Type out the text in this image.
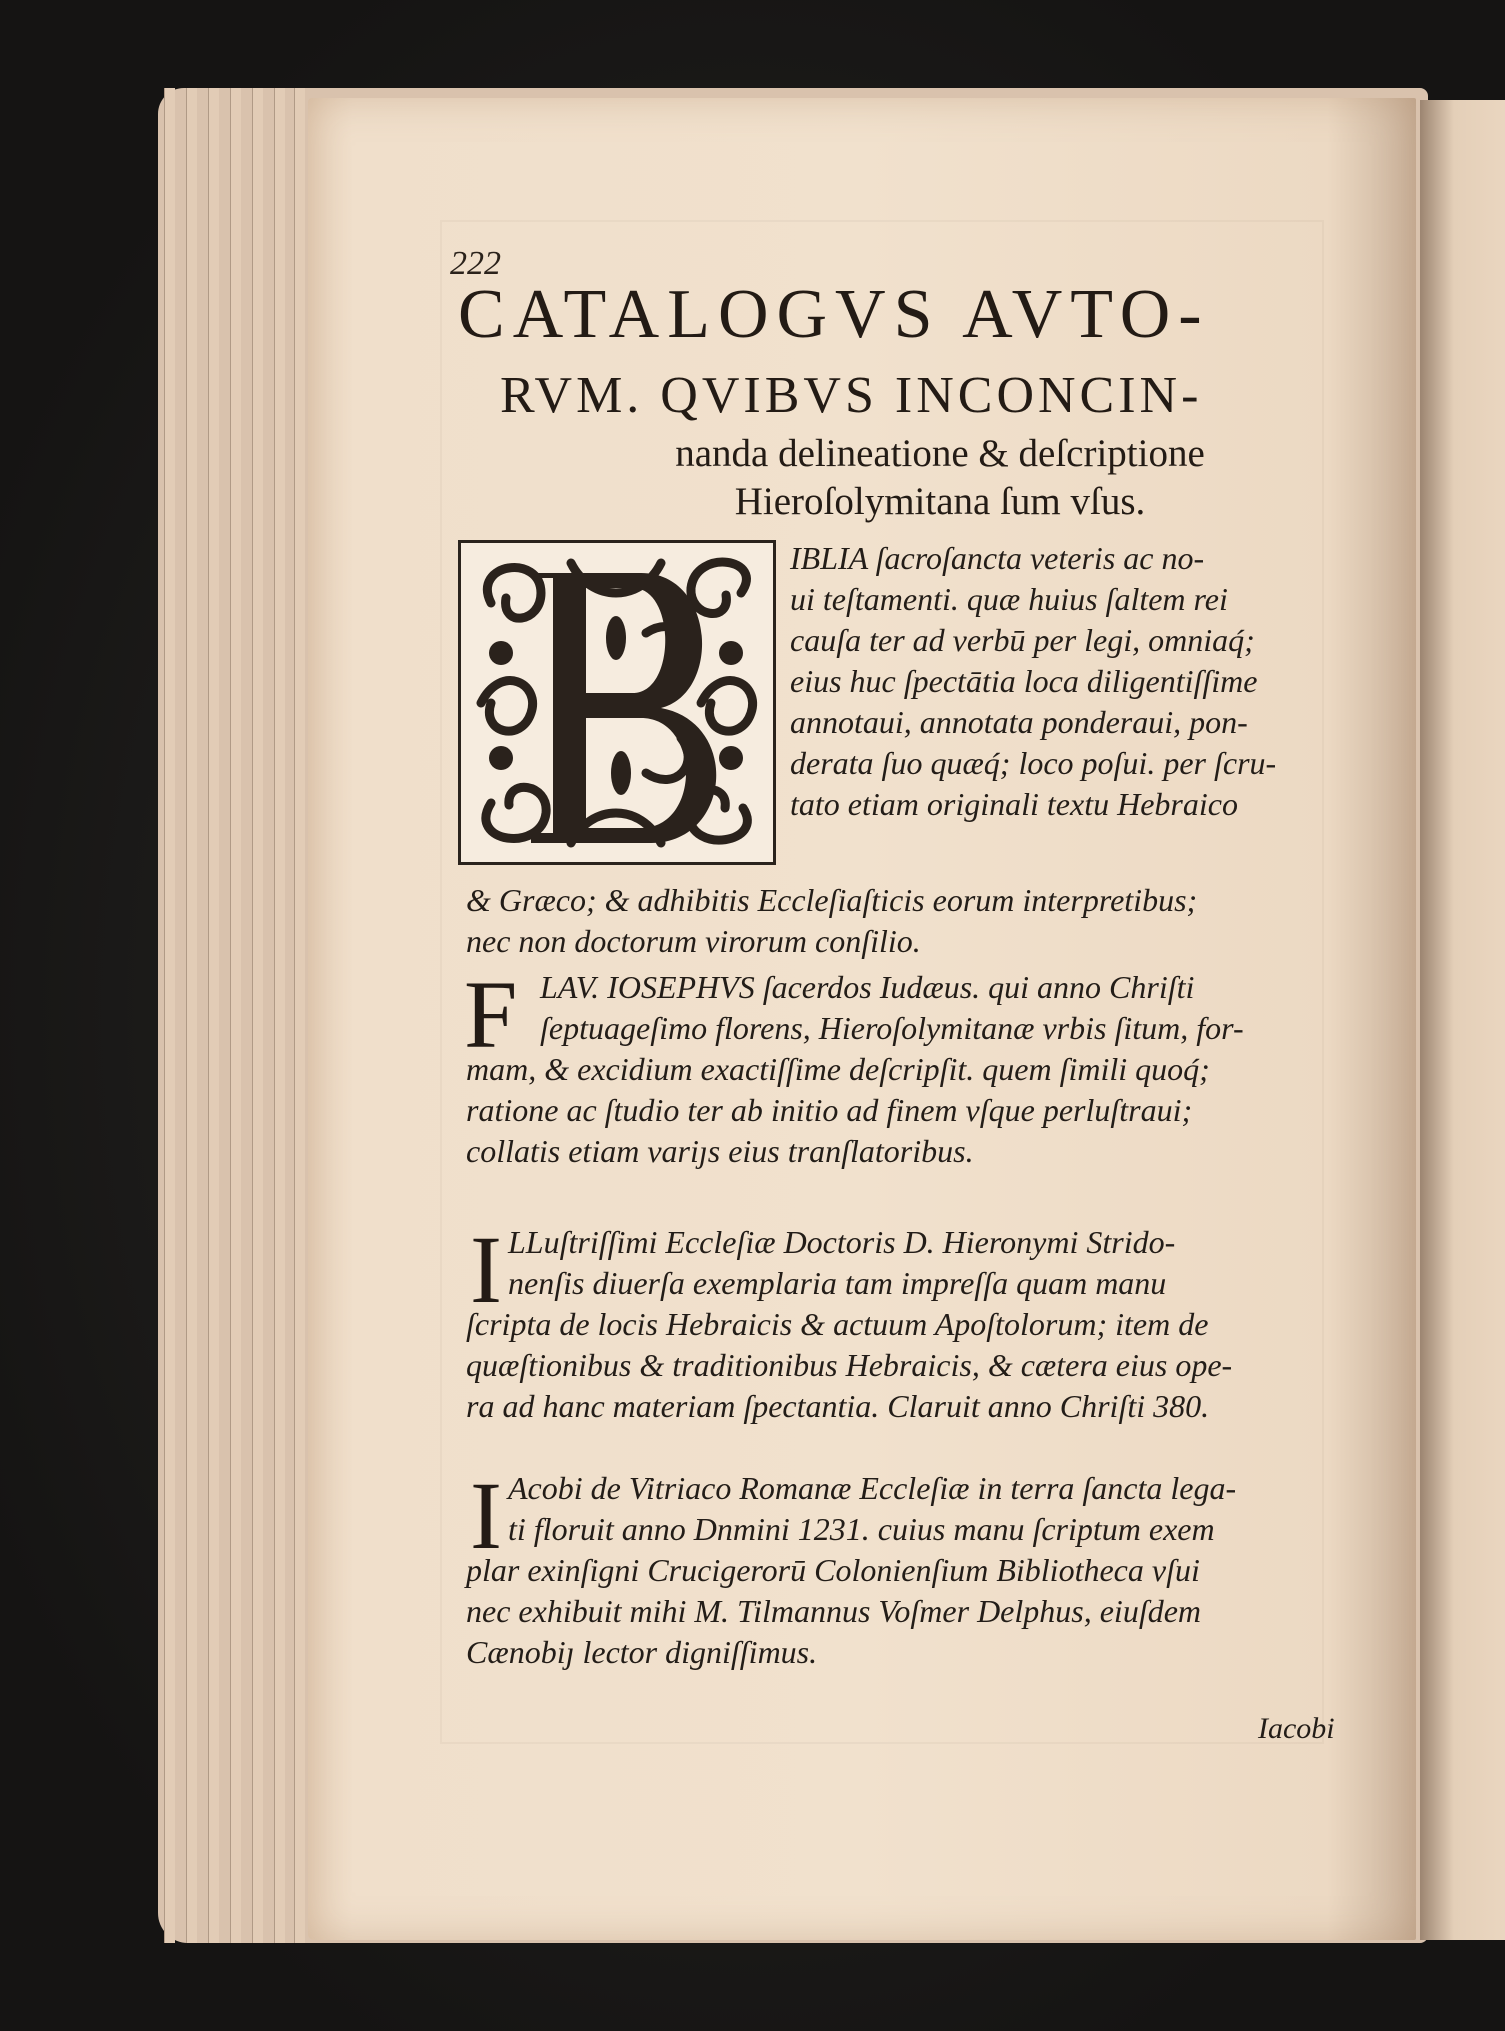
222
CATALOGVS AVTO-
RVM. QVIBVS INCONCIN-
nanda delineatione & deſcriptione
Hieroſolymitana ſum vſus.
IBLIA ſacroſancta veteris ac no-
ui teſtamenti. quæ huius ſaltem rei
cauſa ter ad verbū per legi, omniaq́;
eius huc ſpectātia loca diligentiſſime
annotaui, annotata ponderaui, pon-
derata ſuo quæq́; loco poſui. per ſcru-
tato etiam originali textu Hebraico
& Græco; & adhibitis Eccleſiaſticis eorum interpretibus;
nec non doctorum virorum conſilio.
F LAV. IOSEPHVS ſacerdos Iudæus. qui anno Chriſti
ſeptuageſimo florens, Hieroſolymitanæ vrbis ſitum, for-
mam, & excidium exactiſſime deſcripſit. quem ſimili quoq́;
ratione ac ſtudio ter ab initio ad finem vſque perluſtraui;
collatis etiam variȷs eius tranſlatoribus.
I LLuſtriſſimi Eccleſiæ Doctoris D. Hieronymi Strido-
nenſis diuerſa exemplaria tam impreſſa quam manu
ſcripta de locis Hebraicis & actuum Apoſtolorum; item de
quæſtionibus & traditionibus Hebraicis, & cætera eius ope-
ra ad hanc materiam ſpectantia. Claruit anno Chriſti 380.
I Acobi de Vitriaco Romanæ Eccleſiæ in terra ſancta lega-
ti floruit anno Dnmini 1231. cuius manu ſcriptum exem
plar exinſigni Crucigerorū Colonienſium Bibliotheca vſui
nec exhibuit mihi M. Tilmannus Voſmer Delphus, eiuſdem
Cænobiȷ lector digniſſimus.
Iacobi
